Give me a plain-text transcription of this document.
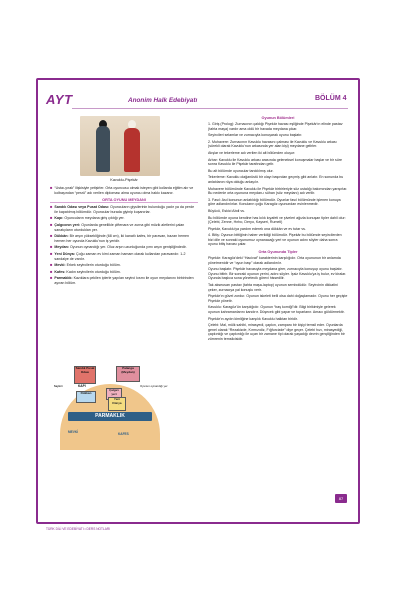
AYT	Anonim Halk Edebiyatı	BÖLÜM 4
Kavuklu-Pişekâr
■ “Ustaı-yırak” ilişkisiyle yetişirler. Orta oyuncusu olmak isteyen gibi kollarda eğitim alır ve kolbaşından “pesrü” adı verilen diploması alma oyuncu olma hakkı kazanır.
ORTA OYUNU MEYDANI
■ Sandık Odası veya Pusat Odası: Oyuncuların giysilerinin bulunduğu yadır ya da perde ile kapatılmış bölümdür. Oyuncular burada giyinip kuşanırlar.
■ Kapı: Oyuncuların meydana giriş çıktığı yer.
■ Çalgıcının yeri: Oyunlarda genellikle çiftenara ve zurna gibi müzik aletlerini çalan sanatçıların oturdukları yer.
■ Dükkân: Bir arşın yüksekliğinde (68 cm), iki kanatlı kafes, bir paravan, bazan hemen hemen her oyunda Kavuklu'nun iş yeridir.
■ Meydan: Oyunun oynandığı yer. Oluz arşın uzunluğunda yımı arşın genişliğindedir.
■ Yeni Dünya: Çoğu zaman ev kimi zaman hamam olarak kullanılan paravandır. 1-2 sandalye de vardır.
■ Mevki: Erkek seyircilerin oturduğu bölüm.
■ Kafes: Kadın seyircilerin oturduğu bölüm.
■ Parmaklık: Kazıklara çekilen iplerle yapılan seyirci kısmı ile oyun meydanını birbirinden ayıran bölüm.
Sandık Pusat Odası
Palanga (Meydan)
Çalgıcı yeri
Dükkan
Yeni Dünya
KAPI	Oyunun oynandığı yer
Seyirci
PARMAKLIK
MEVKİ	KAFES
Oyunun Bölümleri

1. Giriş (Prolog): Zurnacının çaldığı Pişekâr havası eşliğinde Pişekâr'ın elinde pastav (tahta maşa) vardır ama oldü bir havada meydana çıkar.

Seyircileri selamlar ve zurnacıyla konuşarak oyunu başlatır.

2. Muhavere: Zurnacının Kavuklu havasını çalması ile Kavuklu ve Kavuklu arkası (sürekli olarak Kavuklu'nun arkasında yer alan kişi) meydane gelirler.

Atışlar ve tekerleme adı verilen iki alt bölümden oluşur:

Arbar: Kavuklu ile Kavuklu arkası arasında geleneksel konuşmalar başlar ve bir süre sonra Kavuklu ile Pişekâr tarafından gelir.

Bu alt bölümde oyuncular tanıklılmış olur.

Tekerleme: Kavuklu olağanüstü bir olayı başından geçmiş gibi anlatır. En sonunda bu anlatılanın rüya olduğu anlaşılır.

Muhavere bölümünde Kavuklu ile Pişekâr birbirleriyle söz ustalığı bakımından yarışırlar. Bu nedenle orta oyununa meydan-ı sühan (söz meydanı) adı verilir.

3. Fasıl: Asıl konunun anlatıldığı bölümdür. Oyunlar fasıl bölümünde işlenen konuya göre adlandırılırlar. Konuların çoğu Karagöz oyunundan esinlenmedir.

Büyücü, Eskici Abdi vs.

Bu bölümde oyuna kendine has kılık kıyafeti ve şiveleri ağızla konuşan tipler dahil olur: (Çelebi, Zenne, Hırbo, Deryo, Kayseri, Rumeli)

Pişekâr, Kavuklu'ya yardım ederek ona dükkân ve ev tutar vs.

4. Bitiş: Oyunun bittiğinin haber verildiği bölümdür. Pişekâr bu bölümde seyircilerden bizi dile ve sonraki oyunumuz oynanacağı yeri ve oyunun adını söyler daha sonra oyunu bitiş havası çalar.

Orta Oyununda Tipler

Pişekâr: Karagöz'deki “Hacivat” karakterinin karşılığıdır. Orta oyununun bir anlamda yönetmenidir ve “oyun başı” olarak adlandırılır.

Oyunu başlatır. Pişekâr havasıyla meydana girer, zurnacıyla konuşup oyunu başlatır. Oyunu bitirir. Bir sonraki oyunun yerini, adını söyler. İşsiz Kavuklu'ya iş bulur, ev kiralar. Oyunda başlıca sona yönetecik görevi hissedilir.

Tak akseusarı pastav (tahta maşa-laptop) oyunun sembolüdür. Seyircinin dikkatini çeker, zurnacıya yal konuşlu verir.

Pişekâr'ın güvel zordur. Oyunun iskeleti belli olsa dahi doğaçlamadır. Oyunu her geçişte Pişekâr yönetir.

Kavuklu: Karagöz'ün karşılığıdır. Oyunun “baş komiği”dir. Bilgi birikimiyle gelerek oyunun kahramanlarını kandırır. Düşecek gibi yapar ve toparlanır. Amacı güldürmektir.

Pişekâr'ın aydın kimliğine karşılık Kavuklu halktan biridir.

Çelebi: Mal, mülk sahibi, mirasyedi, çapkın, zamparo bir kişiyi temsil eder. Oyunlarda genel olarak “Rezakizde, Kırmızıdiz, Fığfurcizde” diye geçer. Çelebi hızı, mirasyediği, çapkınlığı ve çapkınlığı ile uçarı bir zamane tipi olarak yaşadığı devrin gençliğinden bir zümrenin temsilcisidir.

87
TÜRK DİLİ VE EDEBİYATI • DERS NOTLARI
